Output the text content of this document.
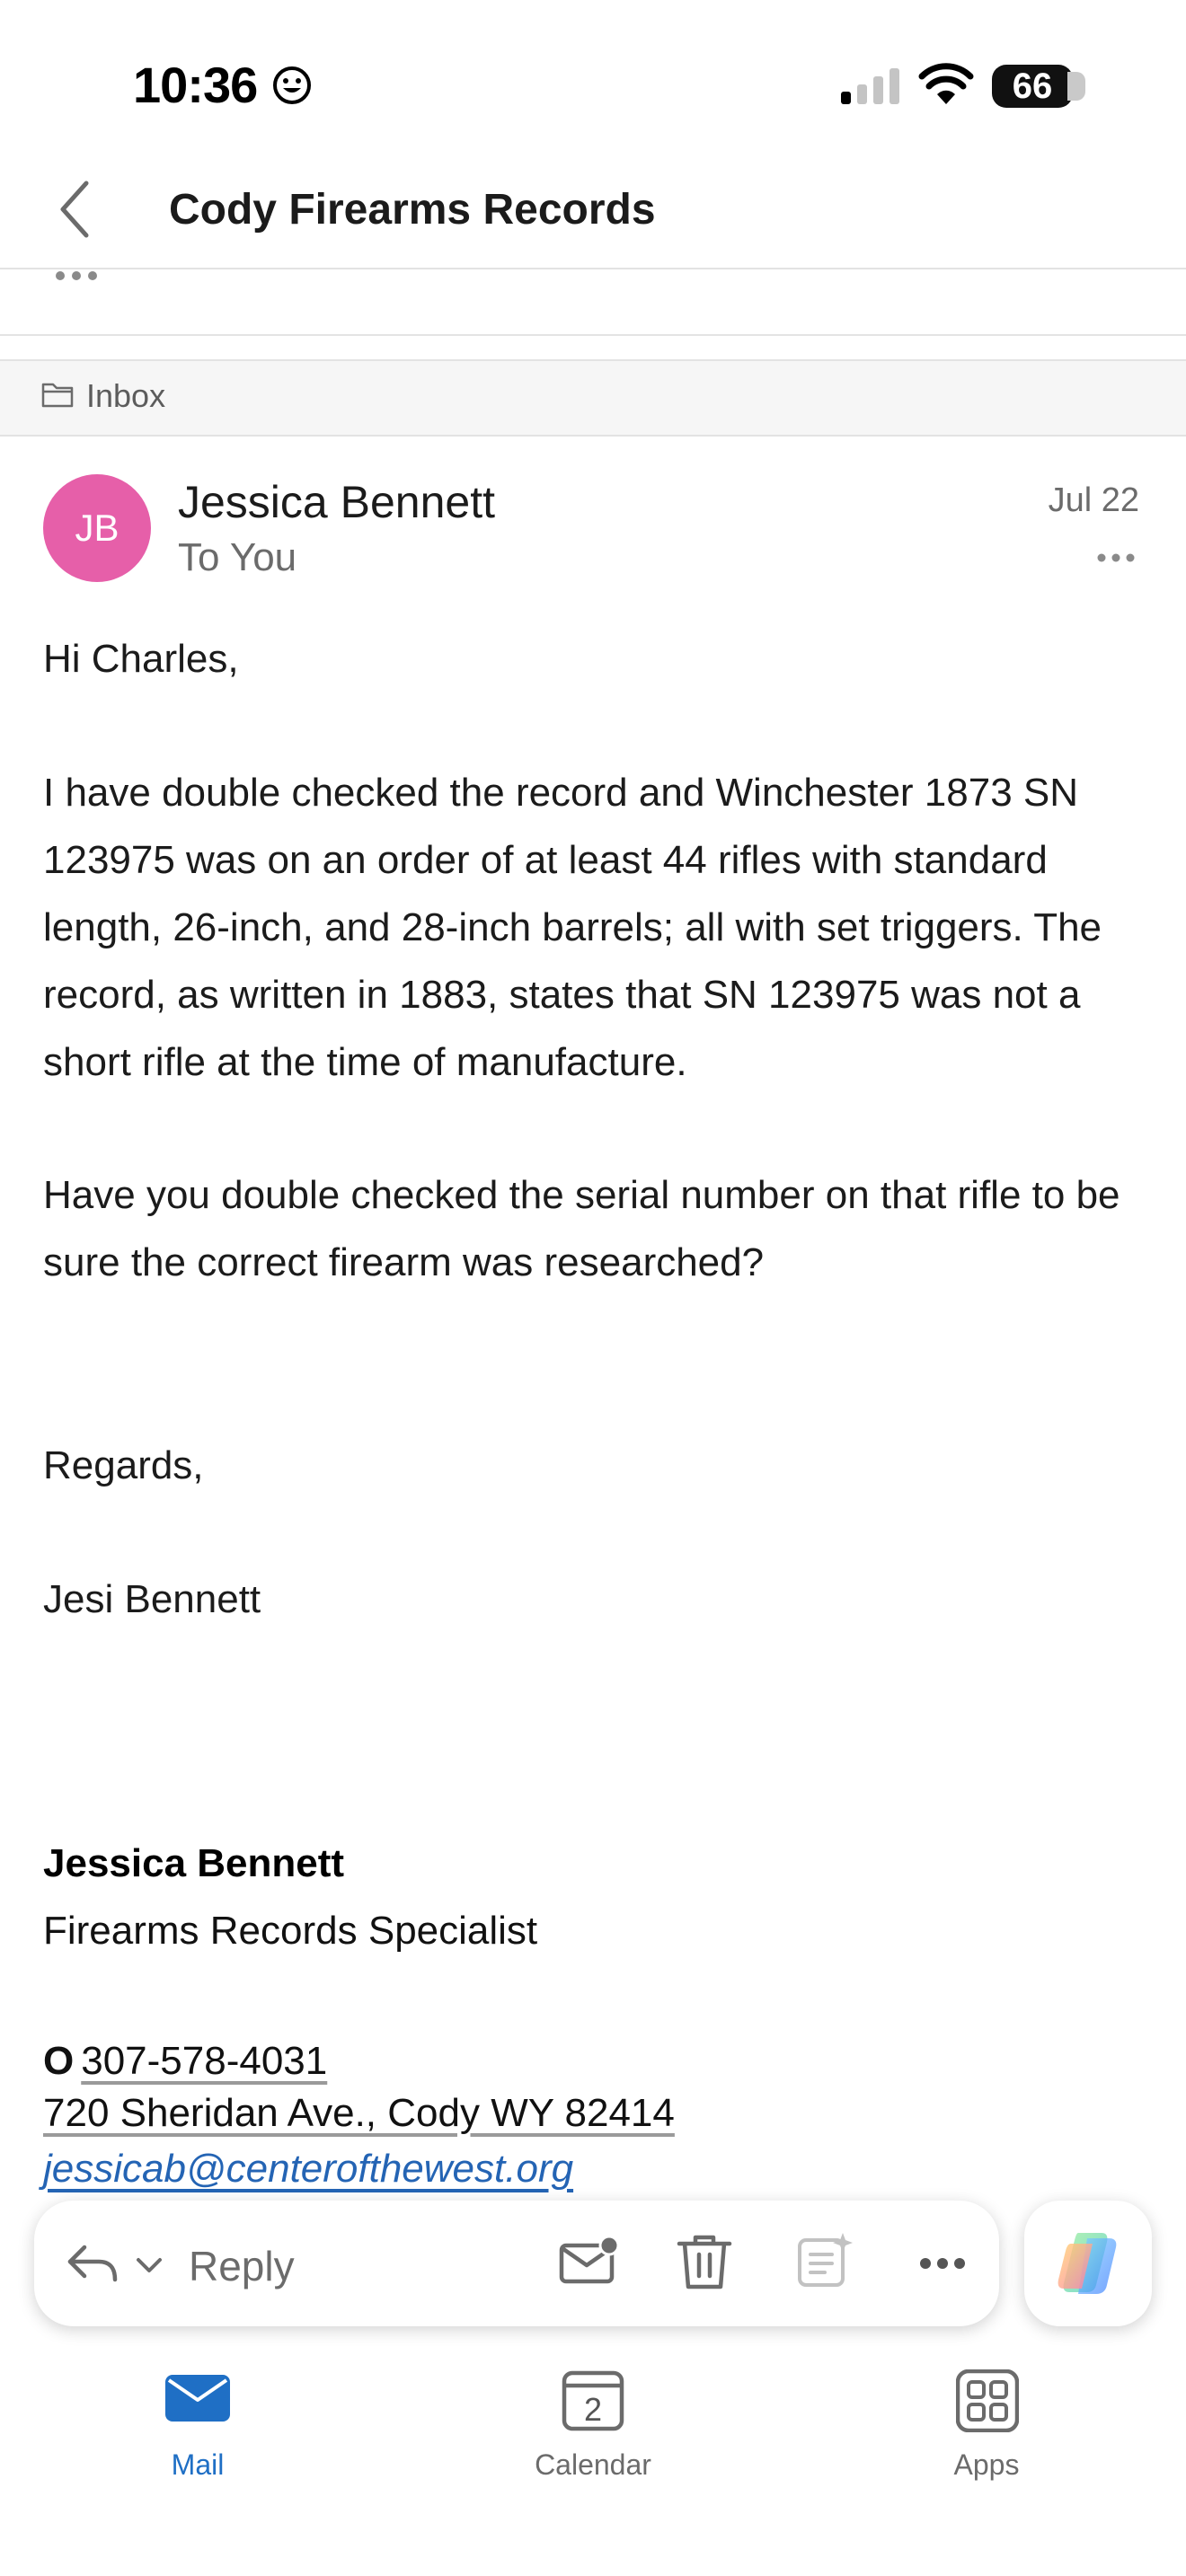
10:36	66
Cody Firearms Records
Inbox
JB
Jessica Bennett
To You
Jul 22
Hi Charles,
I have double checked the record and Winchester 1873 SN 123975 was on an order of at least 44 rifles with standard length, 26-inch, and 28-inch barrels; all with set triggers. The record, as written in 1883, states that SN 123975 was not a short rifle at the time of manufacture.
Have you double checked the serial number on that rifle to be sure the correct firearm was researched?
Regards,
Jesi Bennett
Jessica Bennett
Firearms Records Specialist
O 307-578-4031
720 Sheridan Ave., Cody WY 82414
jessicab@centerofthewest.org
Reply
Mail
2
Calendar	Apps
